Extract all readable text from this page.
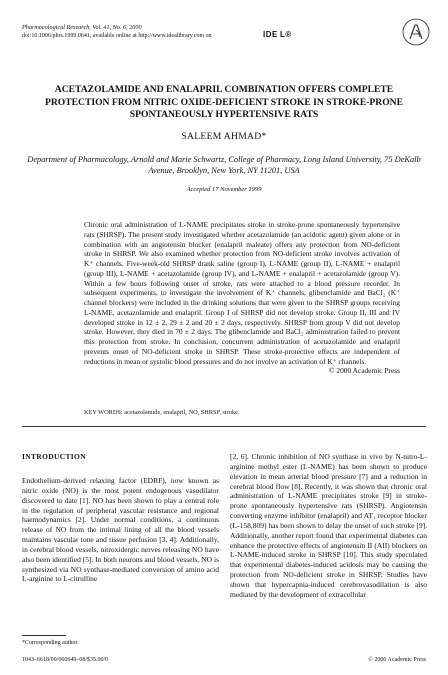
Pharmacological Research, Vol. 41, No. 6, 2000
doi:10.1006/phrs.1999.0641, available online at http://www.idealibrary.com on	IDE L®
ACETAZOLAMIDE AND ENALAPRIL COMBINATION OFFERS COMPLETE PROTECTION FROM NITRIC OXIDE-DEFICIENT STROKE IN STROKE-PRONE SPONTANEOUSLY HYPERTENSIVE RATS
SALEEM AHMAD*
Department of Pharmacology, Arnold and Marie Schwartz, College of Pharmacy, Long Island University, 75 DeKalb Avenue, Brooklyn, New York, NY 11201, USA
Accepted 17 November 1999

Chronic oral administration of L-NAME precipitates stroke in stroke-prone spontaneously hypertensive rats (SHRSP). The present study investigated whether acetazolamide (an acidotic agent) given alone or in combination with an angiotensin blocker (enalapril maleate) offers any protection from NO-deficient stroke in SHRSP. We also examined whether protection from NO-deficient stroke involves activation of K⁺ channels. Five-week-old SHRSP drank saline (group I), L-NAME (group II), L-NAME + enalapril (group III), L-NAME + acetazolamide (group IV), and L-NAME + enalapril + acetazolamide (group V). Within a few hours following onset of stroke, rats were attached to a blood pressure recorder. In subsequent experiments, to investigate the involvement of K⁺ channels, glibenclamide and BaCl₂ (K⁺ channel blockers) were included in the drinking solutions that were given to the SHRSP groups receiving L-NAME, acetazolamide and enalapril. Group I of SHRSP did not develop stroke. Group II, III and IV developed stroke in 12 ± 2, 29 ± 2 and 20 ± 2 days, respectively. SHRSP from group V did not develop stroke. However, they died in 70 ± 2 days. The glibenclamide and BaCl₂ administration failed to prevent this protection from stroke. In conclusion, concurrent administration of acetazolamide and enalapril prevents onset of NO-deficient stroke in SHRSP. These stroke-protective effects are independent of reductions in mean or systolic blood pressures and do not involve an activation of K⁺ channels.

© 2000 Academic Press
KEY WORDS: acetazolamide, enalapril, NO, SHRSP, stroke.
INTRODUCTION
Endothelium-derived relaxing factor (EDRF), now known as nitric oxide (NO) is the most potent endogenous vasodilator discovered to date [1]. NO has been shown to play a central role in the regulation of peripheral vascular resistance and regional haemodynamics [2]. Under normal conditions, a continuous release of NO from the intimal lining of all the blood vessels maintains vascular tone and tissue perfusion [3, 4]. Additionally, in cerebral blood vessels, nitroxidergic nerves releasing NO have also been identified [5]. In both neurons and blood vessels, NO is synthesized via NO synthase-mediated conversion of amino acid L-arginine to L-citrulline
[2, 6]. Chronic inhibition of NO synthase in vivo by N-nitro-L-arginine methyl ester (L-NAME) has been shown to produce elevation in mean arterial blood pressure [7] and a reduction in cerebral blood flow [8]. Recently, it was shown that chronic oral administration of L-NAME precipitates stroke [9] in stroke-prone spontaneously hypertensive rats (SHRSP). Angiotensin converting enzyme inhibitor (enalapril) and AT₁ receptor blocker (L-158,809) has been shown to delay the onset of such stroke [9]. Additionally, another report found that experimental diabetes can enhance the protective effects of angiotensin II (AII) blockers on L-NAME-induced stroke in SHRSP [10]. This study speculated that experimental diabetes-induced acidosis may be causing the protection from NO-deficient stroke in SHRSP. Studies have shown that hypercapnia-induced cerebrovasodilation is also mediated by the development of extracellular
*Corresponding author.
1043–6618/00/060649–08/$35.00/0	© 2000 Academic Press
